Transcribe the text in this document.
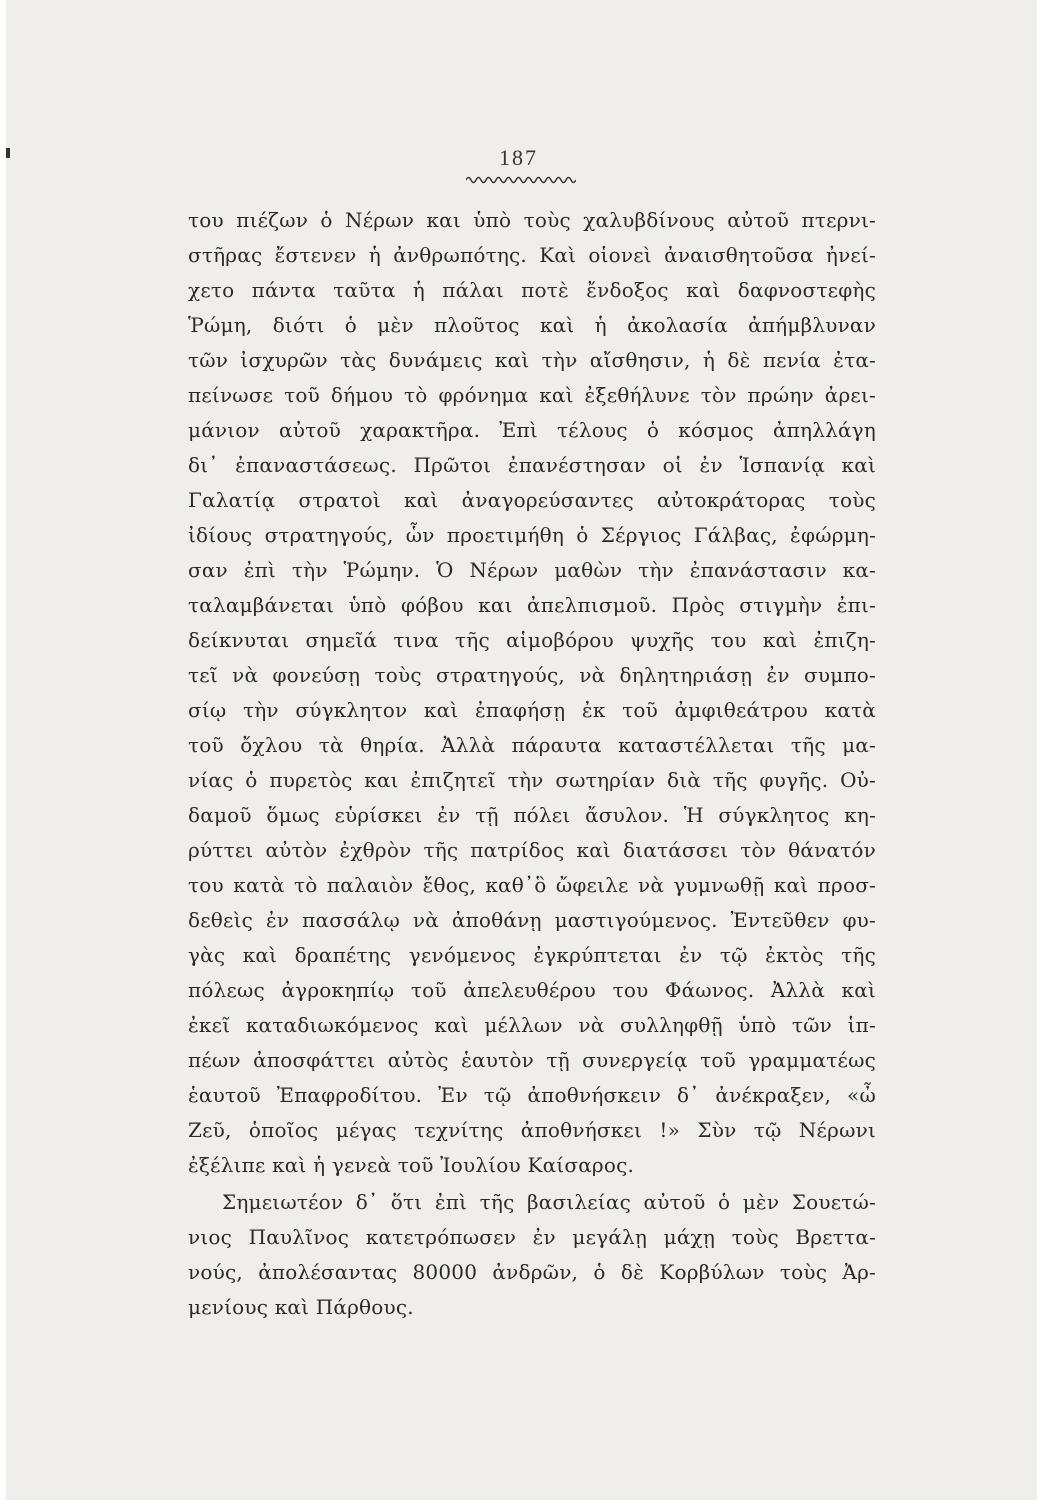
187
του πιέζων ὁ Νέρων και ὑπὸ τοὺς χαλυβδίνους αὐτοῦ πτερνι-
στῆρας ἔστενεν ἡ ἀνθρωπότης. Καὶ οἱονεὶ ἀναισθητοῦσα ἠνεί-
χετο πάντα ταῦτα ἡ πάλαι ποτὲ ἔνδοξος καὶ δαφνοστεφὴς
Ῥώμη, διότι ὁ μὲν πλοῦτος καὶ ἡ ἀκολασία ἀπήμβλυναν
τῶν ἰσχυρῶν τὰς δυνάμεις καὶ τὴν αἴσθησιν, ἡ δὲ πενία ἐτα-
πείνωσε τοῦ δήμου τὸ φρόνημα καὶ ἐξεθήλυνε τὸν πρώην ἀρει-
μάνιον αὐτοῦ χαρακτῆρα. Ἐπὶ τέλους ὁ κόσμος ἀπηλλάγη
δι᾽ ἐπαναστάσεως. Πρῶτοι ἐπανέστησαν οἱ ἐν Ἱσπανίᾳ καὶ
Γαλατίᾳ στρατοὶ καὶ ἀναγορεύσαντες αὐτοκράτορας τοὺς
ἰδίους στρατηγούς, ὧν προετιμήθη ὁ Σέργιος Γάλβας, ἐφώρμη-
σαν ἐπὶ τὴν Ῥώμην. Ὁ Νέρων μαθὼν τὴν ἐπανάστασιν κα-
ταλαμβάνεται ὑπὸ φόβου και ἀπελπισμοῦ. Πρὸς στιγμὴν ἐπι-
δείκνυται σημεῖά τινα τῆς αἱμοβόρου ψυχῆς του καὶ ἐπιζη-
τεῖ νὰ φονεύσῃ τοὺς στρατηγούς, νὰ δηλητηριάσῃ ἐν συμπο-
σίῳ τὴν σύγκλητον καὶ ἐπαφήσῃ ἐκ τοῦ ἀμφιθεάτρου κατὰ
τοῦ ὄχλου τὰ θηρία. Ἀλλὰ πάραυτα καταστέλλεται τῆς μα-
νίας ὁ πυρετὸς και ἐπιζητεῖ τὴν σωτηρίαν διὰ τῆς φυγῆς. Οὐ-
δαμοῦ ὅμως εὑρίσκει ἐν τῇ πόλει ἄσυλον. Ἡ σύγκλητος κη-
ρύττει αὐτὸν ἐχθρὸν τῆς πατρίδος καὶ διατάσσει τὸν θάνατόν
του κατὰ τὸ παλαιὸν ἔθος, καθ᾽ὃ ὤφειλε νὰ γυμνωθῇ καὶ προσ-
δεθεὶς ἐν πασσάλῳ νὰ ἀποθάνῃ μαστιγούμενος. Ἐντεῦθεν φυ-
γὰς καὶ δραπέτης γενόμενος ἐγκρύπτεται ἐν τῷ ἐκτὸς τῆς
πόλεως ἀγροκηπίῳ τοῦ ἀπελευθέρου του Φάωνος. Ἀλλὰ καὶ
ἐκεῖ καταδιωκόμενος καὶ μέλλων νὰ συλληφθῇ ὑπὸ τῶν ἱπ-
πέων ἀποσφάττει αὐτὸς ἑαυτὸν τῇ συνεργείᾳ τοῦ γραμματέως
ἑαυτοῦ Ἐπαφροδίτου. Ἐν τῷ ἀποθνήσκειν δ᾽ ἀνέκραξεν, «ὦ
Ζεῦ, ὁποῖος μέγας τεχνίτης ἀποθνήσκει !» Σὺν τῷ Νέρωνι
ἐξέλιπε καὶ ἡ γενεὰ τοῦ Ἰουλίου Καίσαρος.
Σημειωτέον δ᾽ ὅτι ἐπὶ τῆς βασιλείας αὐτοῦ ὁ μὲν Σουετώ-
νιος Παυλῖνος κατετρόπωσεν ἐν μεγάλῃ μάχῃ τοὺς Βρεττα-
νούς, ἀπολέσαντας 80000 ἀνδρῶν, ὁ δὲ Κορβύλων τοὺς Ἀρ-
μενίους καὶ Πάρθους.
